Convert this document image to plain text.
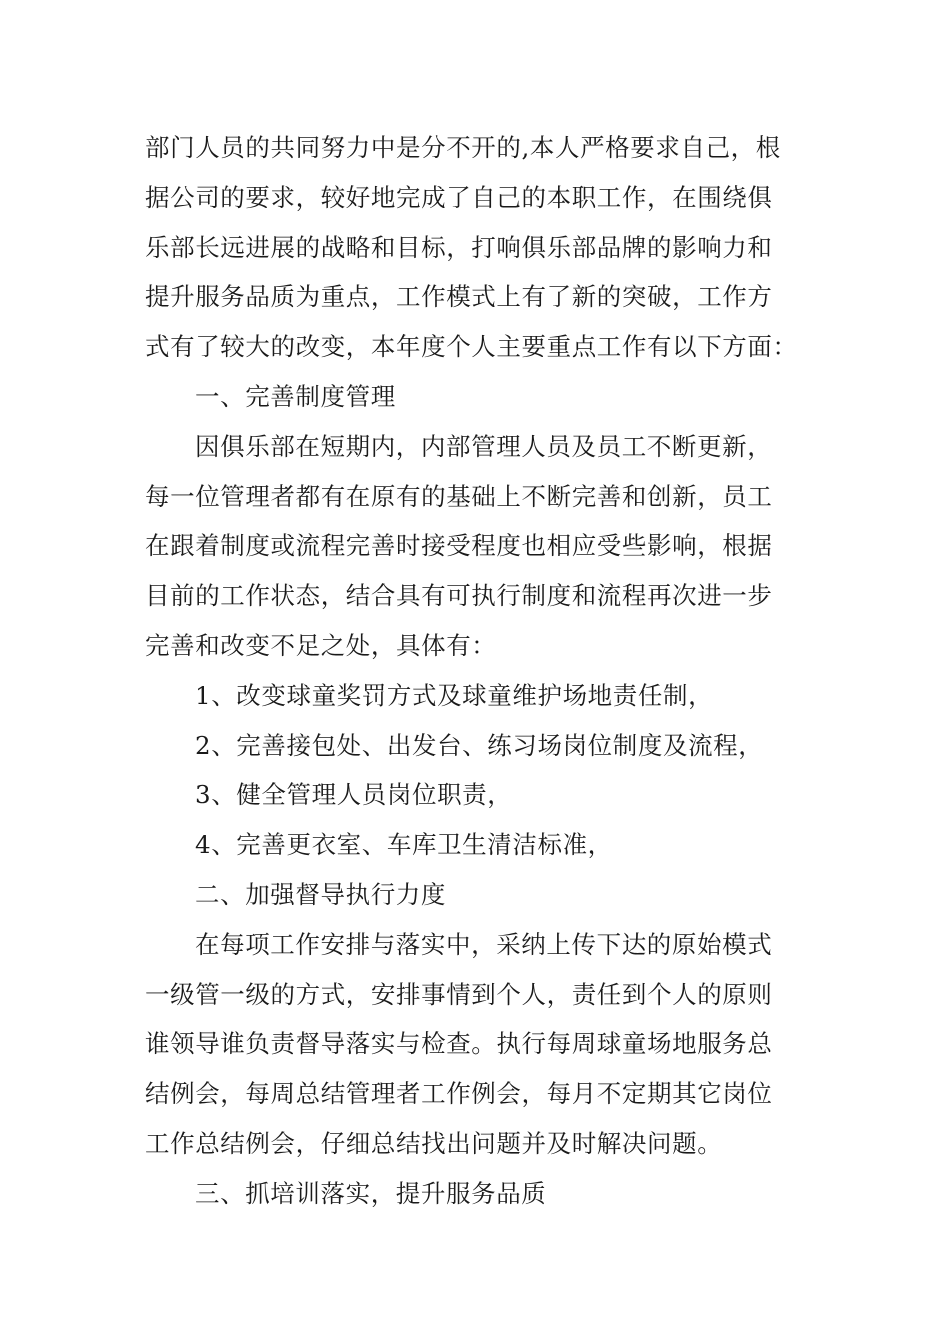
部门人员的共同努力中是分不开的,本人严格要求自己，根
据公司的要求，较好地完成了自己的本职工作，在围绕俱
乐部长远进展的战略和目标，打响俱乐部品牌的影响力和
提升服务品质为重点，工作模式上有了新的突破，工作方
式有了较大的改变，本年度个人主要重点工作有以下方面：
一、完善制度管理
因俱乐部在短期内，内部管理人员及员工不断更新，
每一位管理者都有在原有的基础上不断完善和创新，员工
在跟着制度或流程完善时接受程度也相应受些影响，根据
目前的工作状态，结合具有可执行制度和流程再次进一步
完善和改变不足之处，具体有：
1、改变球童奖罚方式及球童维护场地责任制，
2、完善接包处、出发台、练习场岗位制度及流程，
3、健全管理人员岗位职责，
4、完善更衣室、车库卫生清洁标准，
二、加强督导执行力度
在每项工作安排与落实中，采纳上传下达的原始模式
一级管一级的方式，安排事情到个人，责任到个人的原则
谁领导谁负责督导落实与检查。执行每周球童场地服务总
结例会，每周总结管理者工作例会，每月不定期其它岗位
工作总结例会，仔细总结找出问题并及时解决问题。
三、抓培训落实，提升服务品质
